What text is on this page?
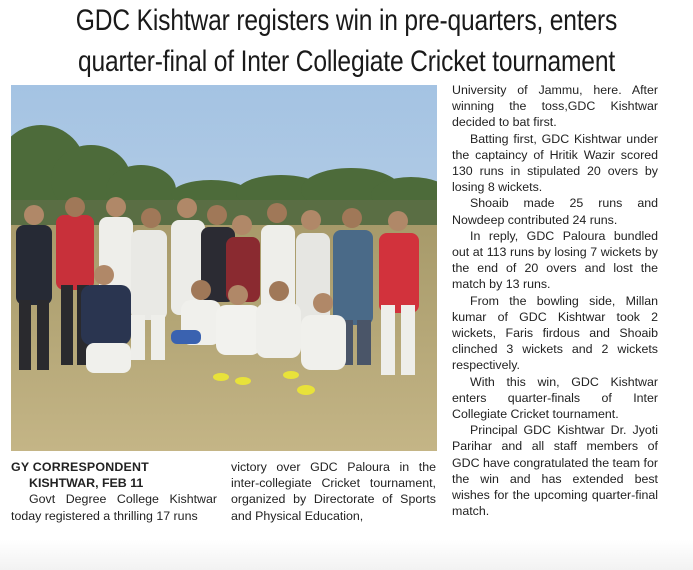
GDC Kishtwar registers win in pre-quarters, enters
quarter-final of Inter Collegiate Cricket tournament

University of Jammu, here. After winning the toss,GDC Kishtwar decided to bat first.

Batting first, GDC Kishtwar under the captaincy of Hritik Wazir scored 130 runs in stipulated 20 overs by losing 8 wickets.

Shoaib made 25 runs and Nowdeep contributed 24 runs.

In reply, GDC Paloura bundled out at 113 runs by losing 7 wickets by the end of 20 overs and lost the match by 13 runs.

From the bowling side, Millan kumar of GDC Kishtwar took 2 wickets, Faris firdous and Shoaib clinched 3 wickets and 2 wickets respectively.

With this win, GDC Kishtwar enters quarter-finals of Inter Collegiate Cricket tournament.

Principal GDC Kishtwar Dr. Jyoti Parihar and all staff members of GDC have congratulated the team for the win and has extended best wishes for the upcoming quarter-final match.

GY CORRESPONDENT

KISHTWAR, FEB 11

Govt Degree College Kishtwar today registered a thrilling 17 runs

victory over GDC Paloura in the inter-collegiate Cricket tournament, organized by Directorate of Sports and Physical Education,
